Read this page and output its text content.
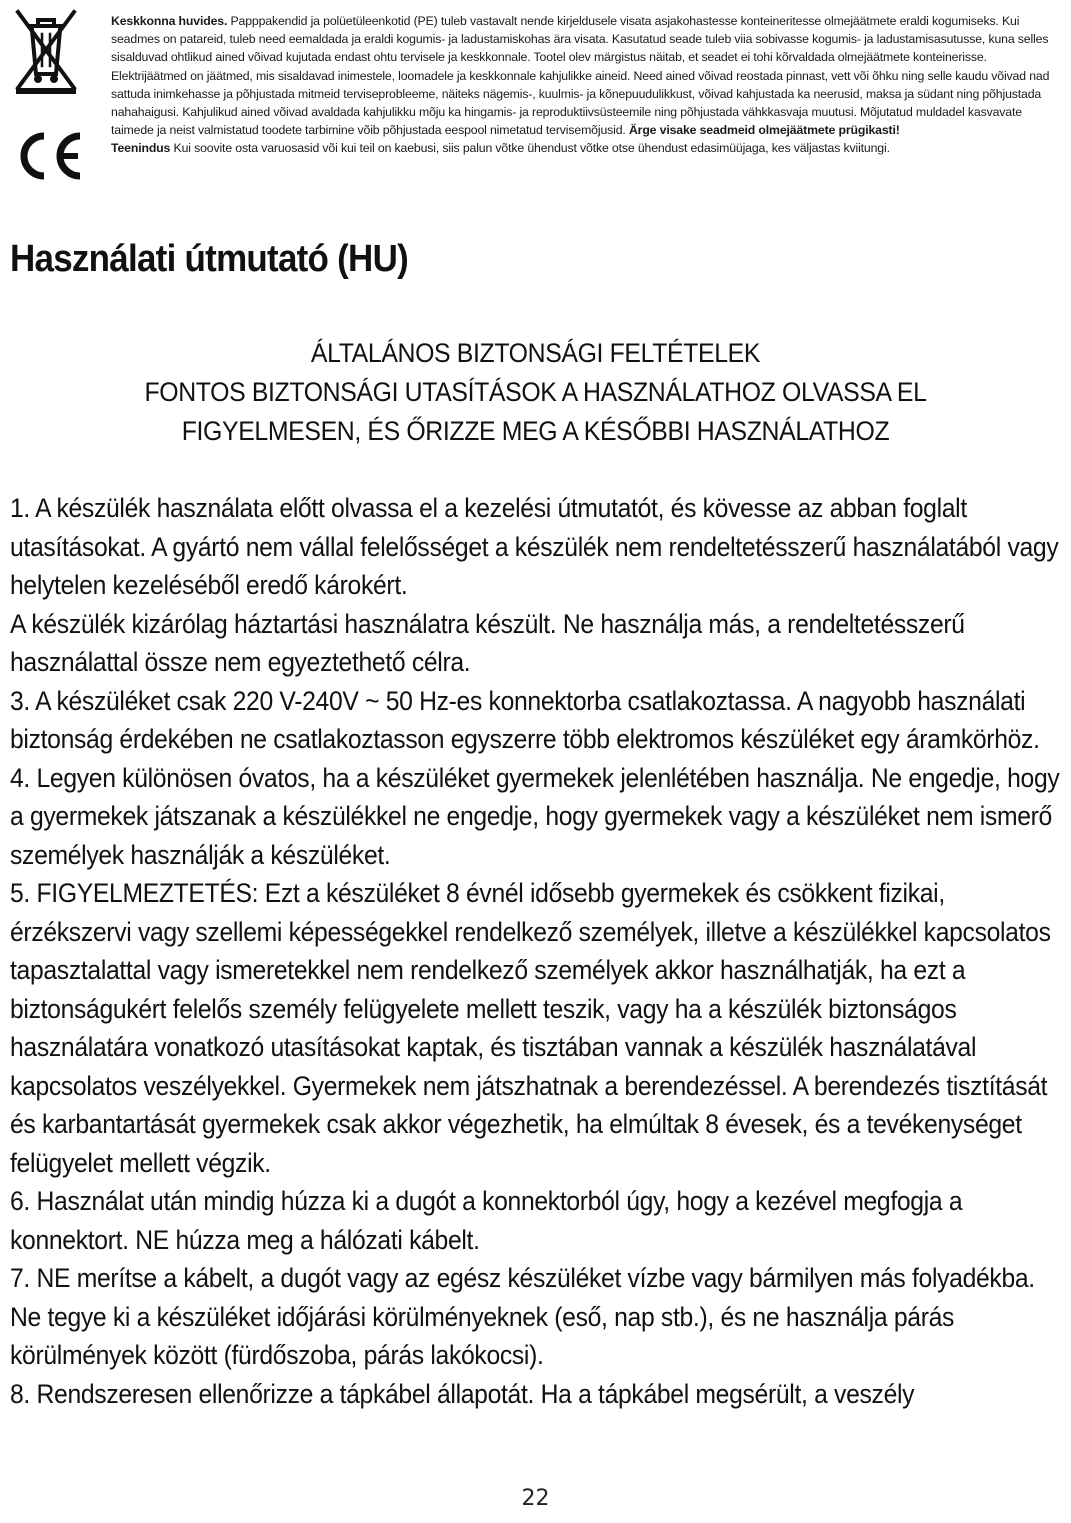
Keskkonna huvides. Papppakendid ja polüetüleenkotid (PE) tuleb vastavalt nende kirjeldusele visata asjakohastesse konteineritesse olmejäätmete eraldi kogumiseks. Kui seadmes on patareid, tuleb need eemaldada ja eraldi kogumis- ja ladustamiskohas ära visata. Kasutatud seade tuleb viia sobivasse kogumis- ja ladustamisasutusse, kuna selles sisalduvad ohtlikud ained võivad kujutada endast ohtu tervisele ja keskkonnale. Tootel olev märgistus näitab, et seadet ei tohi kõrvaldada olmejäätmete konteinerisse. Elektrijäätmed on jäätmed, mis sisaldavad inimestele, loomadele ja keskkonnale kahjulikke aineid. Need ained võivad reostada pinnast, vett või õhku ning selle kaudu võivad nad sattuda inimkehasse ja põhjustada mitmeid terviseprobleeme, näiteks nägemis-, kuulmis- ja kõnepuudulikkust, võivad kahjustada ka neerusid, maksa ja südant ning põhjustada nahahaigusi. Kahjulikud ained võivad avaldada kahjulikku mõju ka hingamis- ja reproduktiivsüsteemile ning põhjustada vähkkasvaja muutusi. Mõjutatud muldadel kasvavate taimede ja neist valmistatud toodete tarbimine võib põhjustada eespool nimetatud tervisemõjusid. Ärge visake seadmeid olmejäätmete prügikasti!

Teenindus Kui soovite osta varuosasid või kui teil on kaebusi, siis palun võtke ühendust võtke otse ühendust edasimüüjaga, kes väljastas kviitungi.

Használati útmutató (HU)
ÁLTALÁNOS BIZTONSÁGI FELTÉTELEK
FONTOS BIZTONSÁGI UTASÍTÁSOK A HASZNÁLATHOZ OLVASSA EL
FIGYELMESEN, ÉS ŐRIZZE MEG A KÉSŐBBI HASZNÁLATHOZ

1. A készülék használata előtt olvassa el a kezelési útmutatót, és kövesse az abban foglalt utasításokat. A gyártó nem vállal felelősséget a készülék nem rendeltetésszerű használatából vagy helytelen kezeléséből eredő károkért.

A készülék kizárólag háztartási használatra készült. Ne használja más, a rendeltetésszerű használattal össze nem egyeztethető célra.

3. A készüléket csak 220 V-240V ~ 50 Hz-es konnektorba csatlakoztassa. A nagyobb használati biztonság érdekében ne csatlakoztasson egyszerre több elektromos készüléket egy áramkörhöz.

4. Legyen különösen óvatos, ha a készüléket gyermekek jelenlétében használja. Ne engedje, hogy a gyermekek játszanak a készülékkel ne engedje, hogy gyermekek vagy a készüléket nem ismerő személyek használják a készüléket.

5. FIGYELMEZTETÉS: Ezt a készüléket 8 évnél idősebb gyermekek és csökkent fizikai, érzékszervi vagy szellemi képességekkel rendelkező személyek, illetve a készülékkel kapcsolatos tapasztalattal vagy ismeretekkel nem rendelkező személyek akkor használhatják, ha ezt a biztonságukért felelős személy felügyelete mellett teszik, vagy ha a készülék biztonságos használatára vonatkozó utasításokat kaptak, és tisztában vannak a készülék használatával kapcsolatos veszélyekkel. Gyermekek nem játszhatnak a berendezéssel. A berendezés tisztítását és karbantartását gyermekek csak akkor végezhetik, ha elmúltak 8 évesek, és a tevékenységet felügyelet mellett végzik.

6. Használat után mindig húzza ki a dugót a konnektorból úgy, hogy a kezével megfogja a konnektort. NE húzza meg a hálózati kábelt.

7. NE merítse a kábelt, a dugót vagy az egész készüléket vízbe vagy bármilyen más folyadékba. Ne tegye ki a készüléket időjárási körülményeknek (eső, nap stb.), és ne használja párás körülmények között (fürdőszoba, párás lakókocsi).

8. Rendszeresen ellenőrizze a tápkábel állapotát. Ha a tápkábel megsérült, a veszély

22
